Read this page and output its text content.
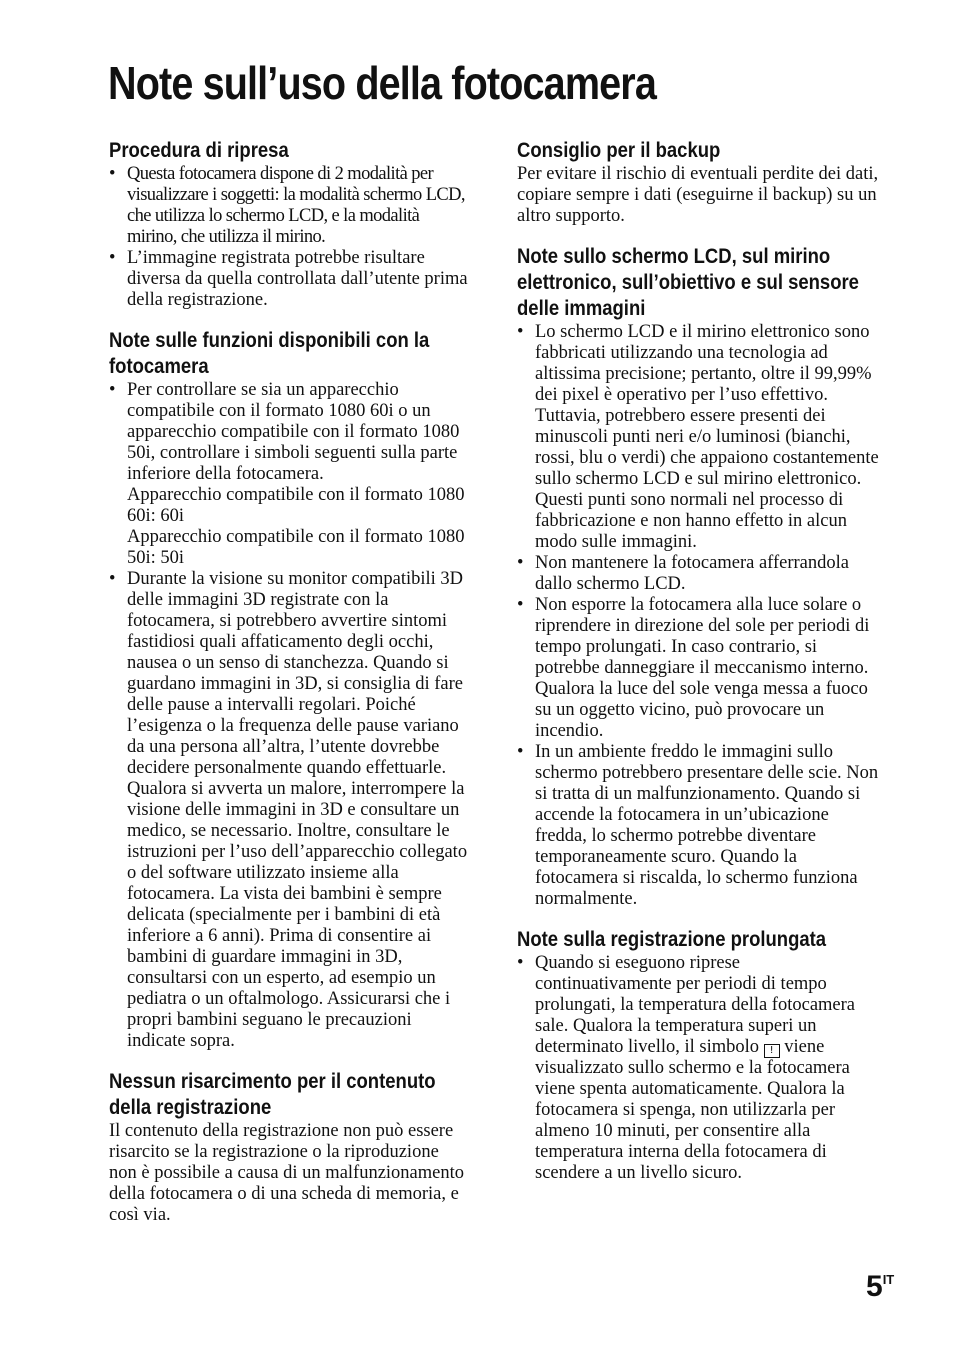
Note sull’uso della fotocamera
Procedura di ripresa
• Questa fotocamera dispone di 2 modalità per visualizzare i soggetti: la modalità schermo LCD, che utilizza lo schermo LCD, e la modalità mirino, che utilizza il mirino.
• L’immagine registrata potrebbe risultare diversa da quella controllata dall’utente prima della registrazione.
Note sulle funzioni disponibili con la fotocamera
• Per controllare se sia un apparecchio compatibile con il formato 1080 60i o un apparecchio compatibile con il formato 1080 50i, controllare i simboli seguenti sulla parte inferiore della fotocamera.
Apparecchio compatibile con il formato 1080 60i: 60i
Apparecchio compatibile con il formato 1080 50i: 50i
• Durante la visione su monitor compatibili 3D delle immagini 3D registrate con la fotocamera, si potrebbero avvertire sintomi fastidiosi quali affaticamento degli occhi, nausea o un senso di stanchezza. Quando si guardano immagini in 3D, si consiglia di fare delle pause a intervalli regolari. Poiché l’esigenza o la frequenza delle pause variano da una persona all’altra, l’utente dovrebbe decidere personalmente quando effettuarle. Qualora si avverta un malore, interrompere la visione delle immagini in 3D e consultare un medico, se necessario. Inoltre, consultare le istruzioni per l’uso dell’apparecchio collegato o del software utilizzato insieme alla fotocamera. La vista dei bambini è sempre delicata (specialmente per i bambini di età inferiore a 6 anni). Prima di consentire ai bambini di guardare immagini in 3D, consultarsi con un esperto, ad esempio un pediatra o un oftalmologo. Assicurarsi che i propri bambini seguano le precauzioni indicate sopra.
Nessun risarcimento per il contenuto della registrazione

Il contenuto della registrazione non può essere risarcito se la registrazione o la riproduzione non è possibile a causa di un malfunzionamento della fotocamera o di una scheda di memoria, e così via.

Consiglio per il backup

Per evitare il rischio di eventuali perdite dei dati, copiare sempre i dati (eseguirne il backup) su un altro supporto.

Note sullo schermo LCD, sul mirino elettronico, sull’obiettivo e sul sensore delle immagini
• Lo schermo LCD e il mirino elettronico sono fabbricati utilizzando una tecnologia ad altissima precisione; pertanto, oltre il 99,99% dei pixel è operativo per l’uso effettivo. Tuttavia, potrebbero essere presenti dei minuscoli punti neri e/o luminosi (bianchi, rossi, blu o verdi) che appaiono costantemente sullo schermo LCD e sul mirino elettronico. Questi punti sono normali nel processo di fabbricazione e non hanno effetto in alcun modo sulle immagini.
• Non mantenere la fotocamera afferrandola dallo schermo LCD.
• Non esporre la fotocamera alla luce solare o riprendere in direzione del sole per periodi di tempo prolungati. In caso contrario, si potrebbe danneggiare il meccanismo interno. Qualora la luce del sole venga messa a fuoco su un oggetto vicino, può provocare un incendio.
• In un ambiente freddo le immagini sullo schermo potrebbero presentare delle scie. Non si tratta di un malfunzionamento. Quando si accende la fotocamera in un’ubicazione fredda, lo schermo potrebbe diventare temporaneamente scuro. Quando la fotocamera si riscalda, lo schermo funziona normalmente.
Note sulla registrazione prolungata
• Quando si eseguono riprese continuativamente per periodi di tempo prolungati, la temperatura della fotocamera sale. Qualora la temperatura superi un determinato livello, il simbolo ! viene visualizzato sullo schermo e la fotocamera viene spenta automaticamente. Qualora la fotocamera si spenga, non utilizzarla per almeno 10 minuti, per consentire alla temperatura interna della fotocamera di scendere a un livello sicuro.
$5^{IT}$
